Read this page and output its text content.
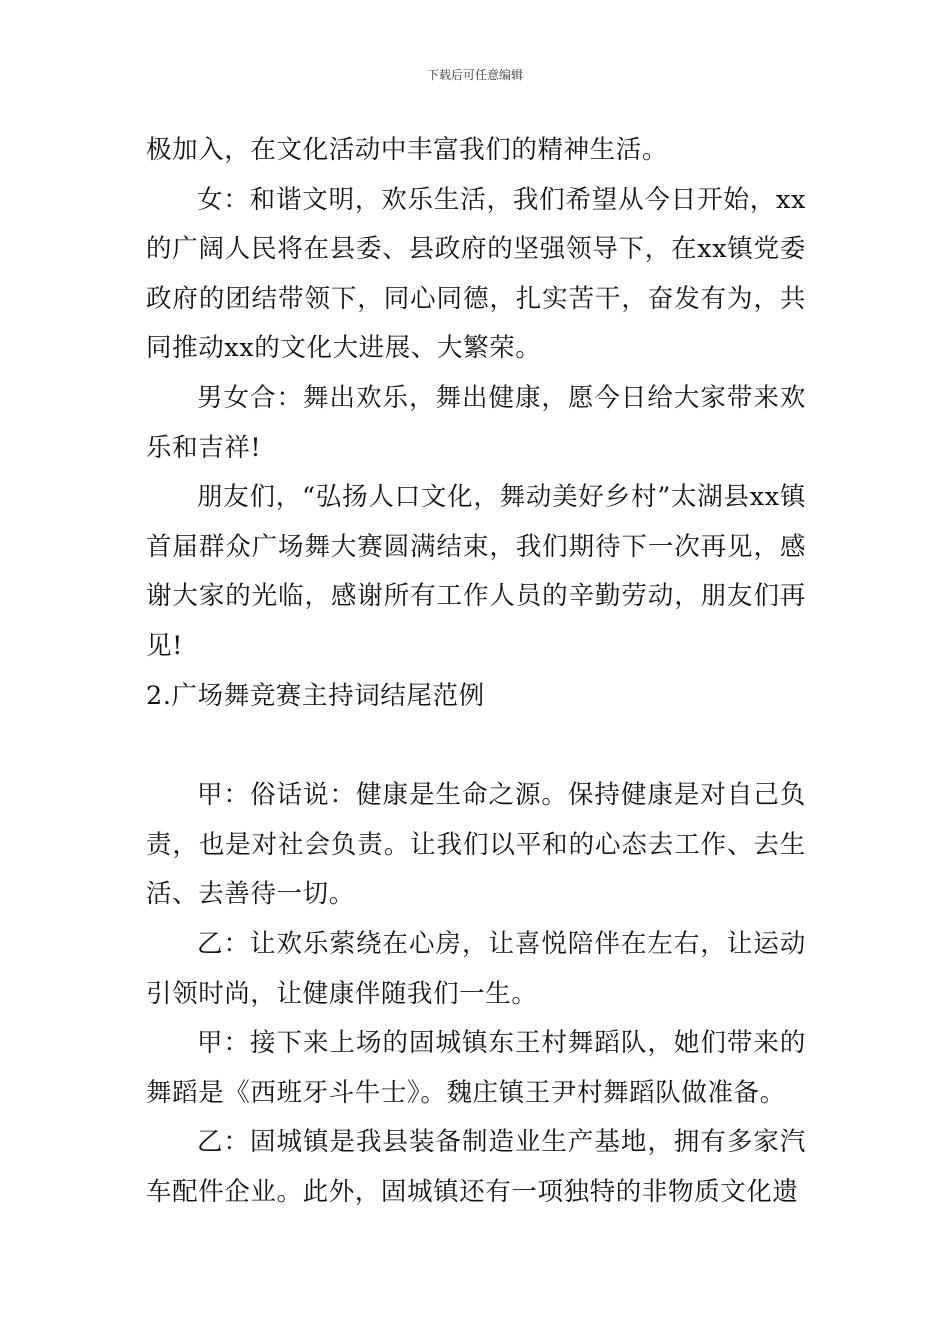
下载后可任意编辑

极加入，在文化活动中丰富我们的精神生活。

女：和谐文明，欢乐生活，我们希望从今日开始，xx的广阔人民将在县委、县政府的坚强领导下，在xx镇党委政府的团结带领下，同心同德，扎实苦干，奋发有为，共同推动xx的文化大进展、大繁荣。

男女合：舞出欢乐，舞出健康，愿今日给大家带来欢乐和吉祥!

朋友们，“弘扬人口文化，舞动美好乡村”太湖县xx镇首届群众广场舞大赛圆满结束，我们期待下一次再见，感谢大家的光临，感谢所有工作人员的辛勤劳动，朋友们再见!

2.广场舞竞赛主持词结尾范例

甲：俗话说：健康是生命之源。保持健康是对自己负责，也是对社会负责。让我们以平和的心态去工作、去生活、去善待一切。

乙：让欢乐萦绕在心房，让喜悦陪伴在左右，让运动引领时尚，让健康伴随我们一生。

甲：接下来上场的固城镇东王村舞蹈队，她们带来的舞蹈是《西班牙斗牛士》。魏庄镇王尹村舞蹈队做准备。

乙：固城镇是我县装备制造业生产基地，拥有多家汽车配件企业。此外，固城镇还有一项独特的非物质文化遗
